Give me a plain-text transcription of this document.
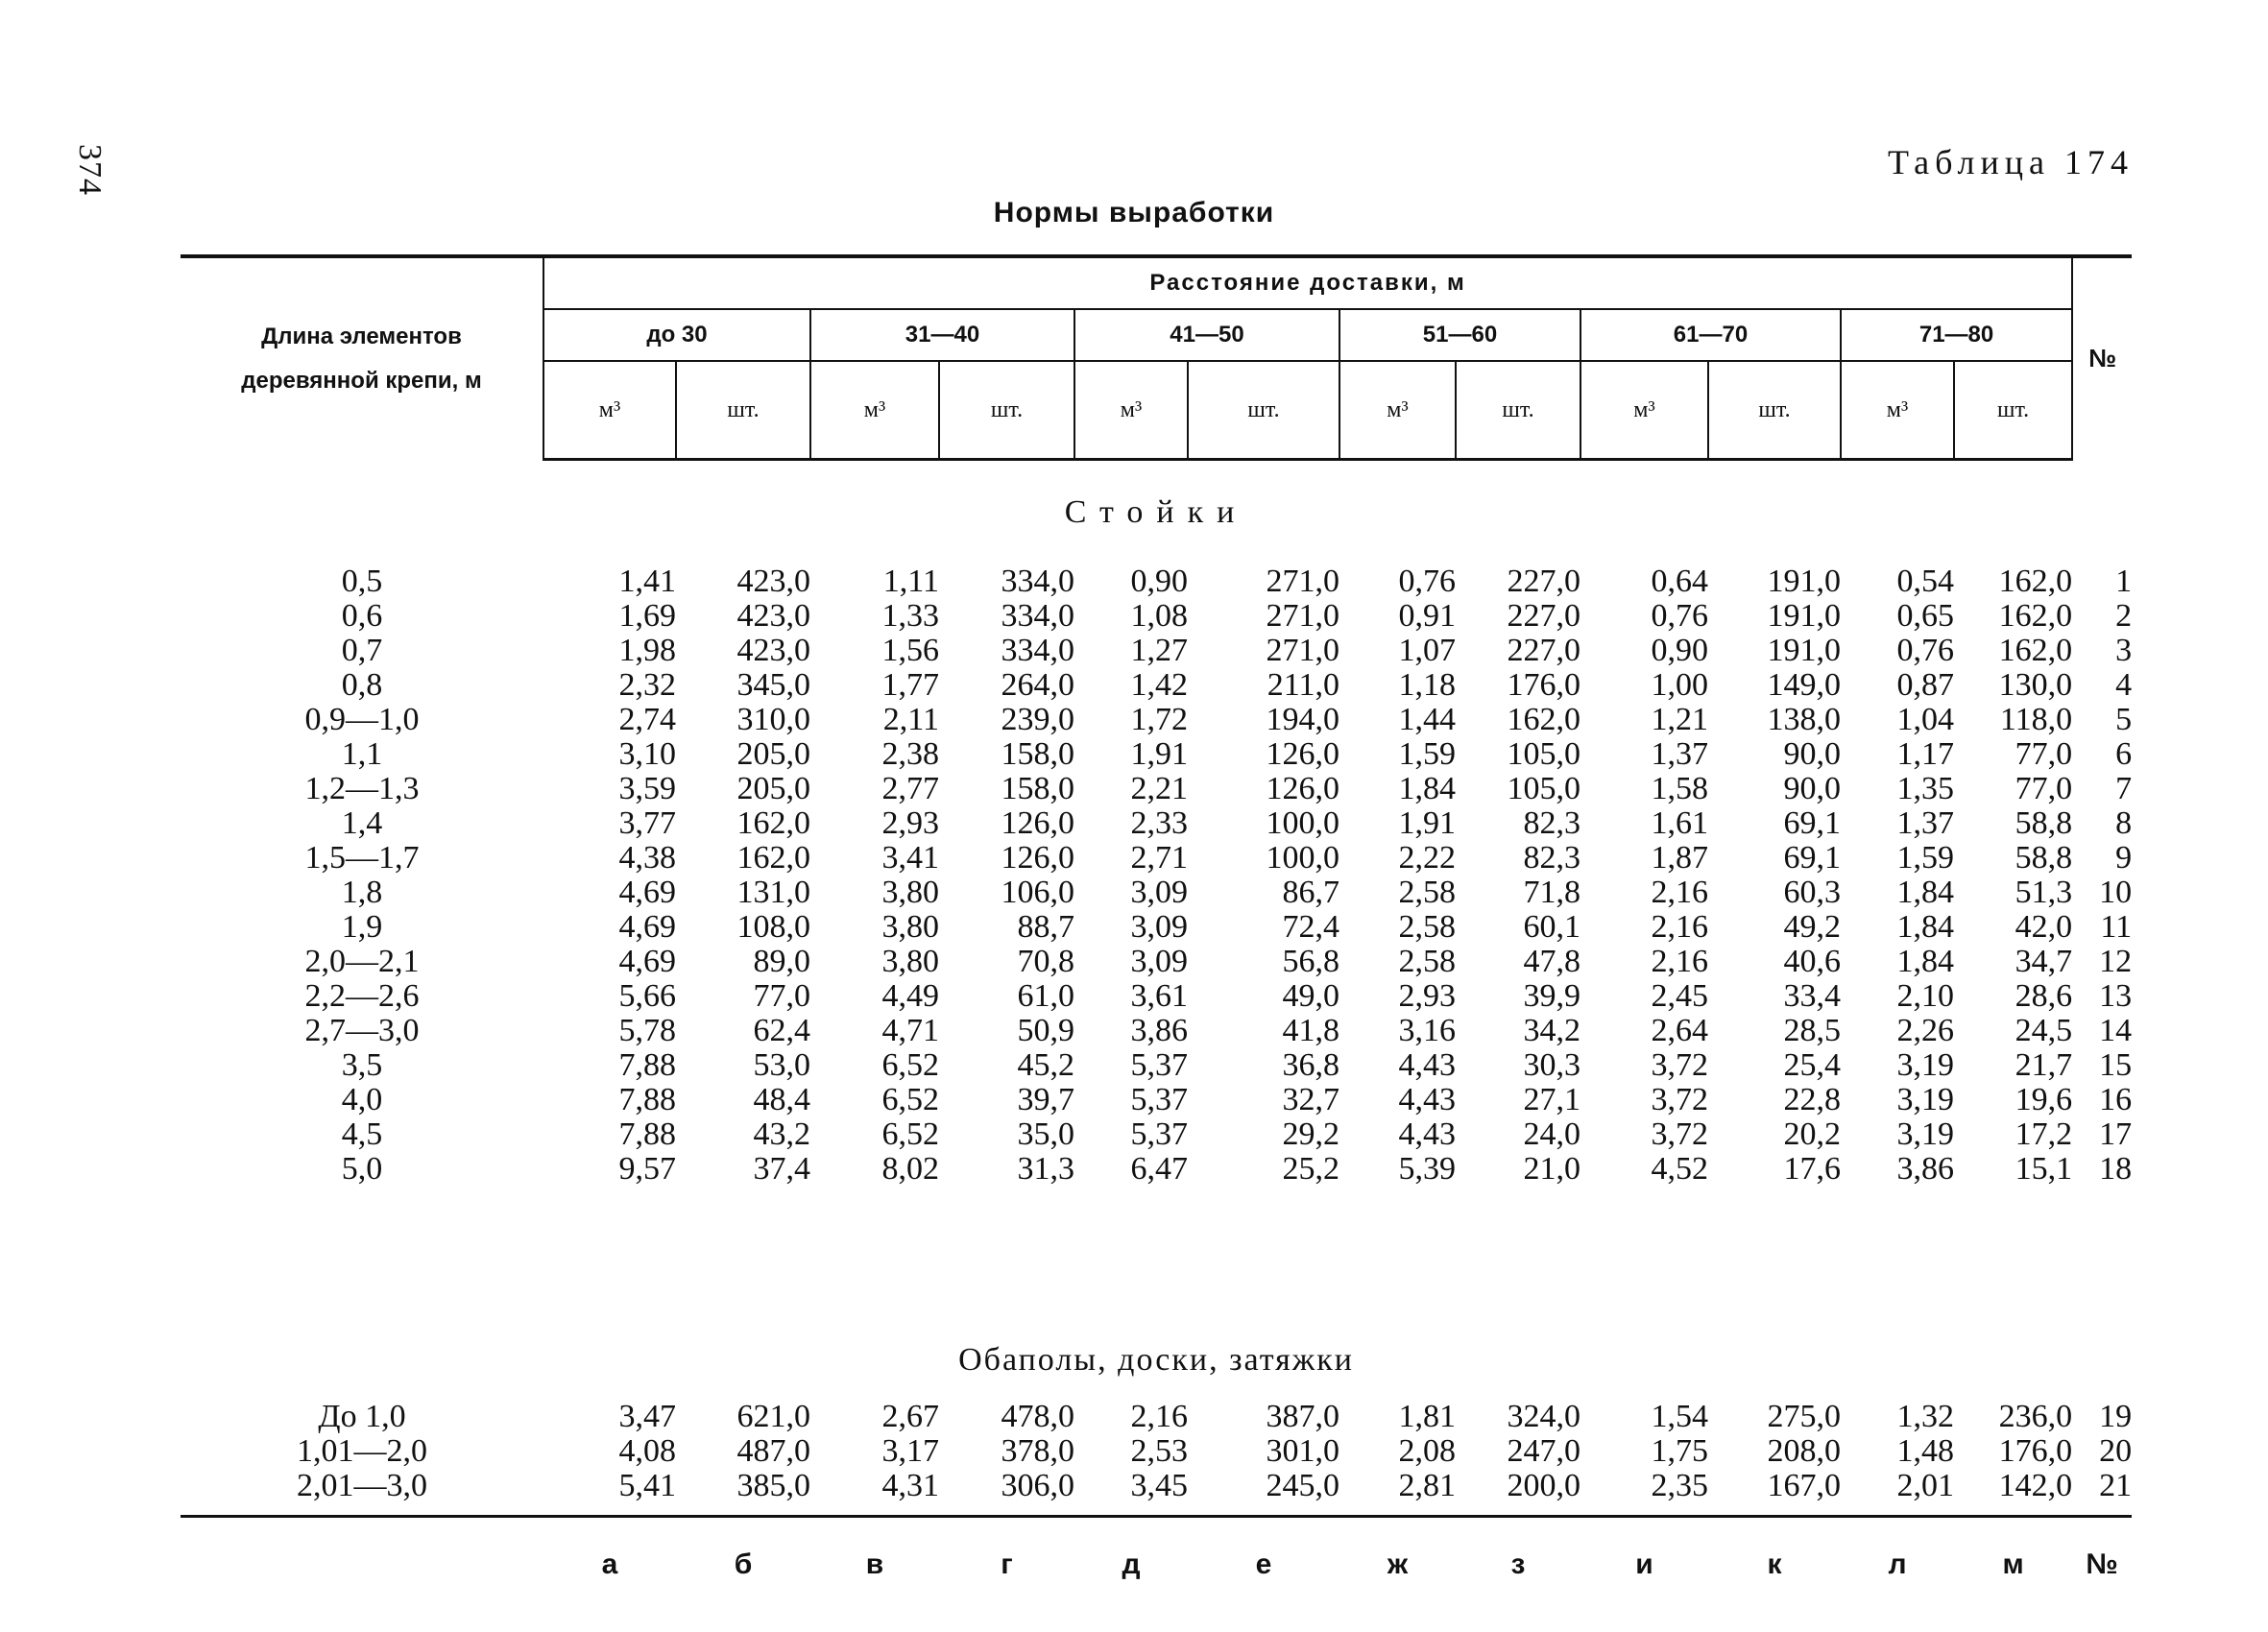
374	Таблица 174
Нормы выработки
Длина элементов
деревянной крепи, м	Расстояние доставки, м												№
	до 30		31—40		41—50		51—60		61—70		71—80		
	м³	шт.	м³	шт.	м³	шт.	м³	шт.	м³	шт.	м³	шт.	
Стойки													
0,5	1,41	423,0	1,11	334,0	0,90	271,0	0,76	227,0	0,64	191,0	0,54	162,0	1
0,6	1,69	423,0	1,33	334,0	1,08	271,0	0,91	227,0	0,76	191,0	0,65	162,0	2
0,7	1,98	423,0	1,56	334,0	1,27	271,0	1,07	227,0	0,90	191,0	0,76	162,0	3
0,8	2,32	345,0	1,77	264,0	1,42	211,0	1,18	176,0	1,00	149,0	0,87	130,0	4
0,9—1,0	2,74	310,0	2,11	239,0	1,72	194,0	1,44	162,0	1,21	138,0	1,04	118,0	5
1,1	3,10	205,0	2,38	158,0	1,91	126,0	1,59	105,0	1,37	90,0	1,17	77,0	6
1,2—1,3	3,59	205,0	2,77	158,0	2,21	126,0	1,84	105,0	1,58	90,0	1,35	77,0	7
1,4	3,77	162,0	2,93	126,0	2,33	100,0	1,91	82,3	1,61	69,1	1,37	58,8	8
1,5—1,7	4,38	162,0	3,41	126,0	2,71	100,0	2,22	82,3	1,87	69,1	1,59	58,8	9
1,8	4,69	131,0	3,80	106,0	3,09	86,7	2,58	71,8	2,16	60,3	1,84	51,3	10
1,9	4,69	108,0	3,80	88,7	3,09	72,4	2,58	60,1	2,16	49,2	1,84	42,0	11
2,0—2,1	4,69	89,0	3,80	70,8	3,09	56,8	2,58	47,8	2,16	40,6	1,84	34,7	12
2,2—2,6	5,66	77,0	4,49	61,0	3,61	49,0	2,93	39,9	2,45	33,4	2,10	28,6	13
2,7—3,0	5,78	62,4	4,71	50,9	3,86	41,8	3,16	34,2	2,64	28,5	2,26	24,5	14
3,5	7,88	53,0	6,52	45,2	5,37	36,8	4,43	30,3	3,72	25,4	3,19	21,7	15
4,0	7,88	48,4	6,52	39,7	5,37	32,7	4,43	27,1	3,72	22,8	3,19	19,6	16
4,5	7,88	43,2	6,52	35,0	5,37	29,2	4,43	24,0	3,72	20,2	3,19	17,2	17
5,0	9,57	37,4	8,02	31,3	6,47	25,2	5,39	21,0	4,52	17,6	3,86	15,1	18

Обаполы, доски, затяжки													
До 1,0	3,47	621,0	2,67	478,0	2,16	387,0	1,81	324,0	1,54	275,0	1,32	236,0	19
1,01—2,0	4,08	487,0	3,17	378,0	2,53	301,0	2,08	247,0	1,75	208,0	1,48	176,0	20
2,01—3,0	5,41	385,0	4,31	306,0	3,45	245,0	2,81	200,0	2,35	167,0	2,01	142,0	21

	а	б	в	г	д	е	ж	з	и	к	л	м	№
